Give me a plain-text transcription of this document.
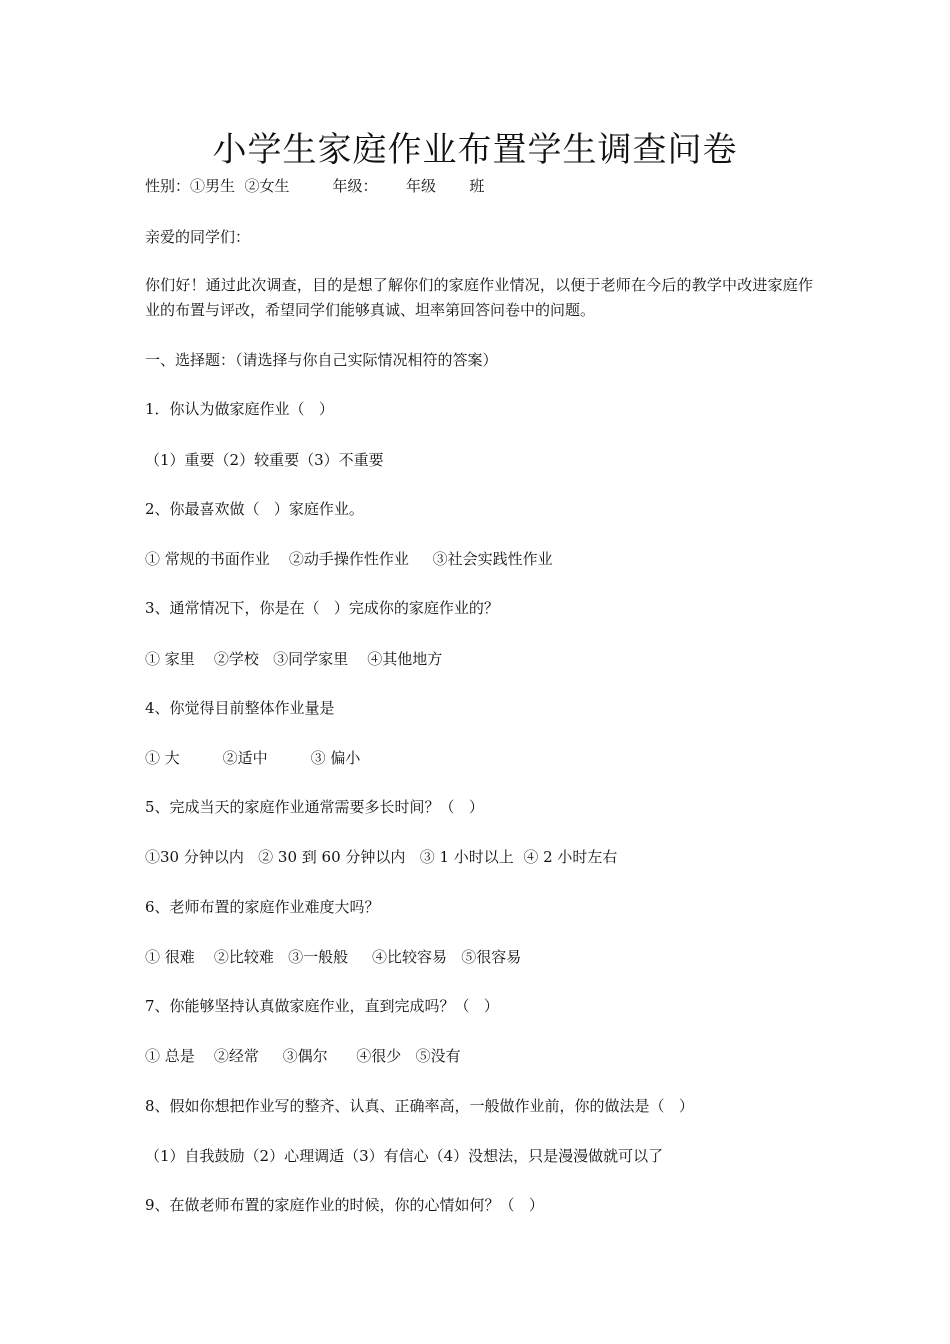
小学生家庭作业布置学生调查问卷
性别：①男生  ②女生         年级：      年级       班
亲爱的同学们：
你们好！通过此次调查，目的是想了解你们的家庭作业情况，以便于老师在今后的教学中改进家庭作业的布置与评改，希望同学们能够真诚、坦率第回答问卷中的问题。
一、选择题：（请选择与你自己实际情况相符的答案）
1．你认为做家庭作业（   ）
（1）重要（2）较重要（3）不重要
2、你最喜欢做（   ）家庭作业。
① 常规的书面作业    ②动手操作性作业     ③社会实践性作业
3、通常情况下，你是在（   ）完成你的家庭作业的？
① 家里    ②学校   ③同学家里    ④其他地方
4、你觉得目前整体作业量是
① 大         ②适中         ③ 偏小
5、完成当天的家庭作业通常需要多长时间？（   ）
①30 分钟以内   ② 30 到 60 分钟以内   ③ 1 小时以上  ④ 2 小时左右
6、老师布置的家庭作业难度大吗？
① 很难    ②比较难   ③一般般     ④比较容易   ⑤很容易
7、你能够坚持认真做家庭作业，直到完成吗？（   ）
① 总是    ②经常     ③偶尔      ④很少   ⑤没有
8、假如你想把作业写的整齐、认真、正确率高，一般做作业前，你的做法是（   ）
（1）自我鼓励（2）心理调适（3）有信心（4）没想法，只是漫漫做就可以了
9、在做老师布置的家庭作业的时候，你的心情如何？（   ）
